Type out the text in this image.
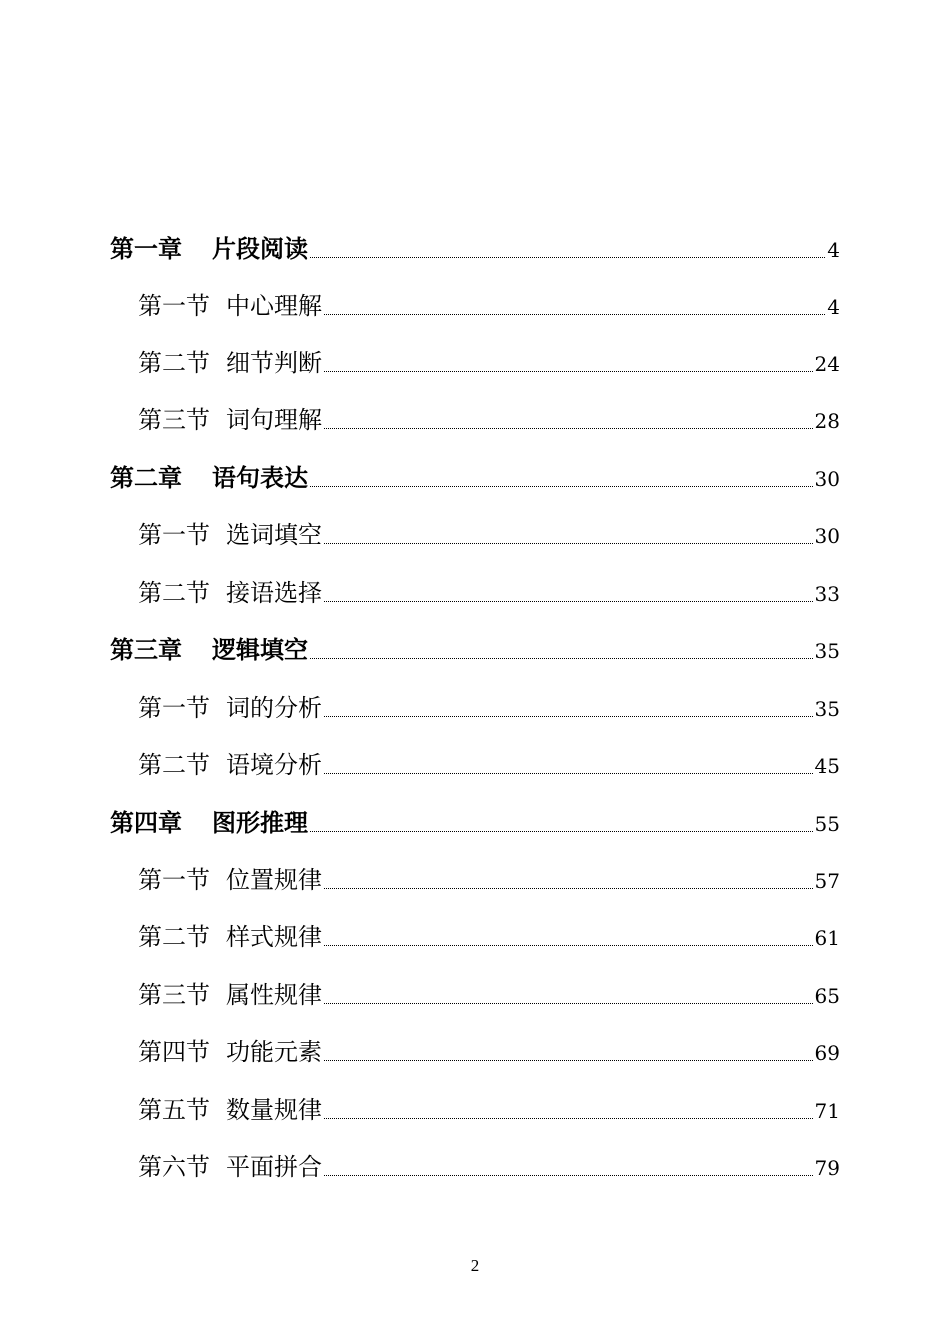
第一章 片段阅读	4
第一节 中心理解	4
第二节 细节判断	24
第三节 词句理解	28
第二章 语句表达	30
第一节 选词填空	30
第二节 接语选择	33
第三章 逻辑填空	35
第一节 词的分析	35
第二节 语境分析	45
第四章 图形推理	55
第一节 位置规律	57
第二节 样式规律	61
第三节 属性规律	65
第四节 功能元素	69
第五节 数量规律	71
第六节 平面拼合	79
2
